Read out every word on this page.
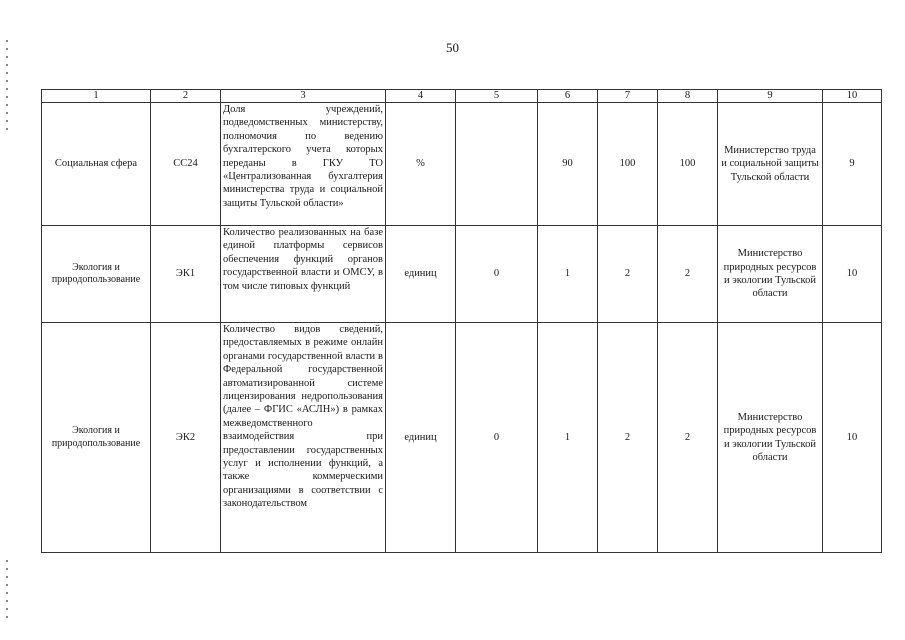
50
1	2	3	4	5	6	7	8	9	10
Социальная сфера	СС24	Доля учреждений, подведомственных министерству, полномочия по ведению бухгалтерского учета которых переданы в ГКУ ТО «Централизованная бухгалтерия министерства труда и социальной защиты Тульской области»	%		90	100	100	Министерство труда и социальной защиты Тульской области	9
Экология и природопользование	ЭК1	Количество реализованных на базе единой платформы сервисов обеспечения функций органов государственной власти и ОМСУ, в том числе типовых функций	единиц	0	1	2	2	Министерство природных ресурсов и экологии Тульской области	10
Экология и природопользование	ЭК2	Количество видов сведений, предоставляемых в режиме онлайн органами государственной власти в Федеральной государственной автоматизированной системе лицензирования недропользования (далее – ФГИС «АСЛН») в рамках межведомственного взаимодействия при предоставлении государственных услуг и исполнении функций, а также коммерческими организациями в соответствии с законодательством	единиц	0	1	2	2	Министерство природных ресурсов и экологии Тульской области	10
